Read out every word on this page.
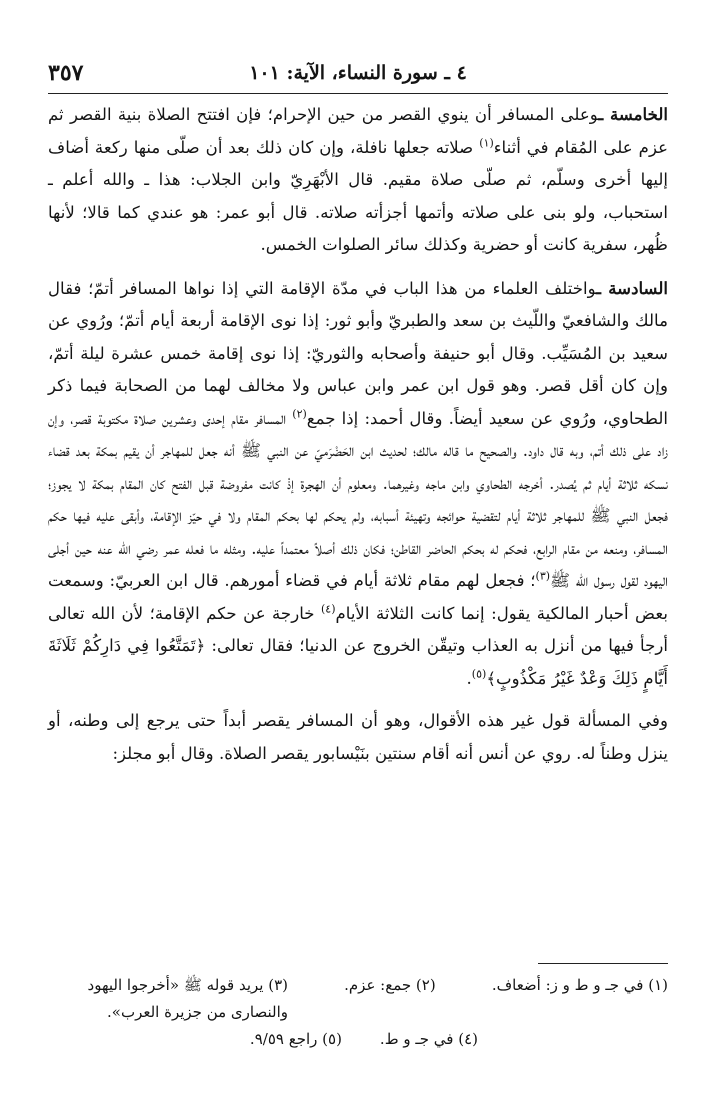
٤ ـ سورة النساء، الآية: ١٠١
٣٥٧

الخامسة ـوعلى المسافر أن ينوي القصر من حين الإحرام؛ فإن افتتح الصلاة بنية القصر ثم عزم على المُقام في أثناء$^{(١)}$ صلاته جعلها نافلة، وإن كان ذلك بعد أن صلّى منها ركعة أضاف إليها أخرى وسلّم، ثم صلّى صلاة مقيم. قال الأبْهَرِيّ وابن الجلاب: هذا ـ والله أعلم ـ استحباب، ولو بنى على صلاته وأتمها أجزأته صلاته. قال أبو عمر: هو عندي كما قالا؛ لأنها ظُهر، سفرية كانت أو حضرية وكذلك سائر الصلوات الخمس.

السادسة ـواختلف العلماء من هذا الباب في مدّة الإقامة التي إذا نواها المسافر أتمّ؛ فقال مالك والشافعيّ واللّيث بن سعد والطبريّ وأبو ثور: إذا نوى الإقامة أربعة أيام أتمّ؛ ورُوي عن سعيد بن المُسَيِّب. وقال أبو حنيفة وأصحابه والثوريّ: إذا نوى إقامة خمس عشرة ليلة أتمّ، وإن كان أقل قصر. وهو قول ابن عمر وابن عباس ولا مخالف لهما من الصحابة فيما ذكر الطحاوي، ورُوي عن سعيد أيضاً. وقال أحمد: إذا جمع$^{(٢)}$ المسافر مقام إحدى وعشرين صلاة مكتوبة قصر، وإن زاد على ذلك أتم، وبه قال داود. والصحيح ما قاله مالك؛ لحديث ابن الحَضْرَميّ عن النبي ﷺ أنه جعل للمهاجر أن يقيم بمكة بعد قضاء نسكه ثلاثة أيام ثم يُصدر. أخرجه الطحاوي وابن ماجه وغيرهما. ومعلوم أن الهجرة إذْ كانت مفروضة قبل الفتح كان المقام بمكة لا يجوز؛ فجعل النبي ﷺ للمهاجر ثلاثة أيام لتقضية حوائجه وتهيئة أسبابه، ولم يحكم لها بحكم المقام ولا في حيّز الإقامة، وأبقى عليه فيها حكم المسافر، ومنعه من مقام الرابع، فحكم له بحكم الحاضر القاطن؛ فكان ذلك أصلاً معتمداً عليه. ومثله ما فعله عمر رضي الله عنه حين أجلى اليهود لقول رسول الله ﷺ$^{(٣)}$؛ فجعل لهم مقام ثلاثة أيام في قضاء أمورهم. قال ابن العربيّ: وسمعت بعض أحبار المالكية يقول: إنما كانت الثلاثة الأيام$^{(٤)}$ خارجة عن حكم الإقامة؛ لأن الله تعالى أرجأ فيها من أنزل به العذاب وتيقّن الخروج عن الدنيا؛ فقال تعالى: ﴿تَمَتَّعُوا فِي دَارِكُمْ ثَلَاثَةَ أَيَّامٍ ذَلِكَ وَعْدٌ غَيْرُ مَكْذُوبٍ﴾$^{(٥)}$.

وفي المسألة قول غير هذه الأقوال، وهو أن المسافر يقصر أبداً حتى يرجع إلى وطنه، أو ينزل وطناً له. روي عن أنس أنه أقام سنتين بنَيْسابور يقصر الصلاة. وقال أبو مجلز:

(١) في جـ و ط و ز: أضعاف.
(٢) جمع: عزم.
(٣) يريد قوله ﷺ «أخرجوا اليهود والنصارى من جزيرة العرب».
(٤) في جـ و ط.
(٥) راجع ٩/٥٩.
